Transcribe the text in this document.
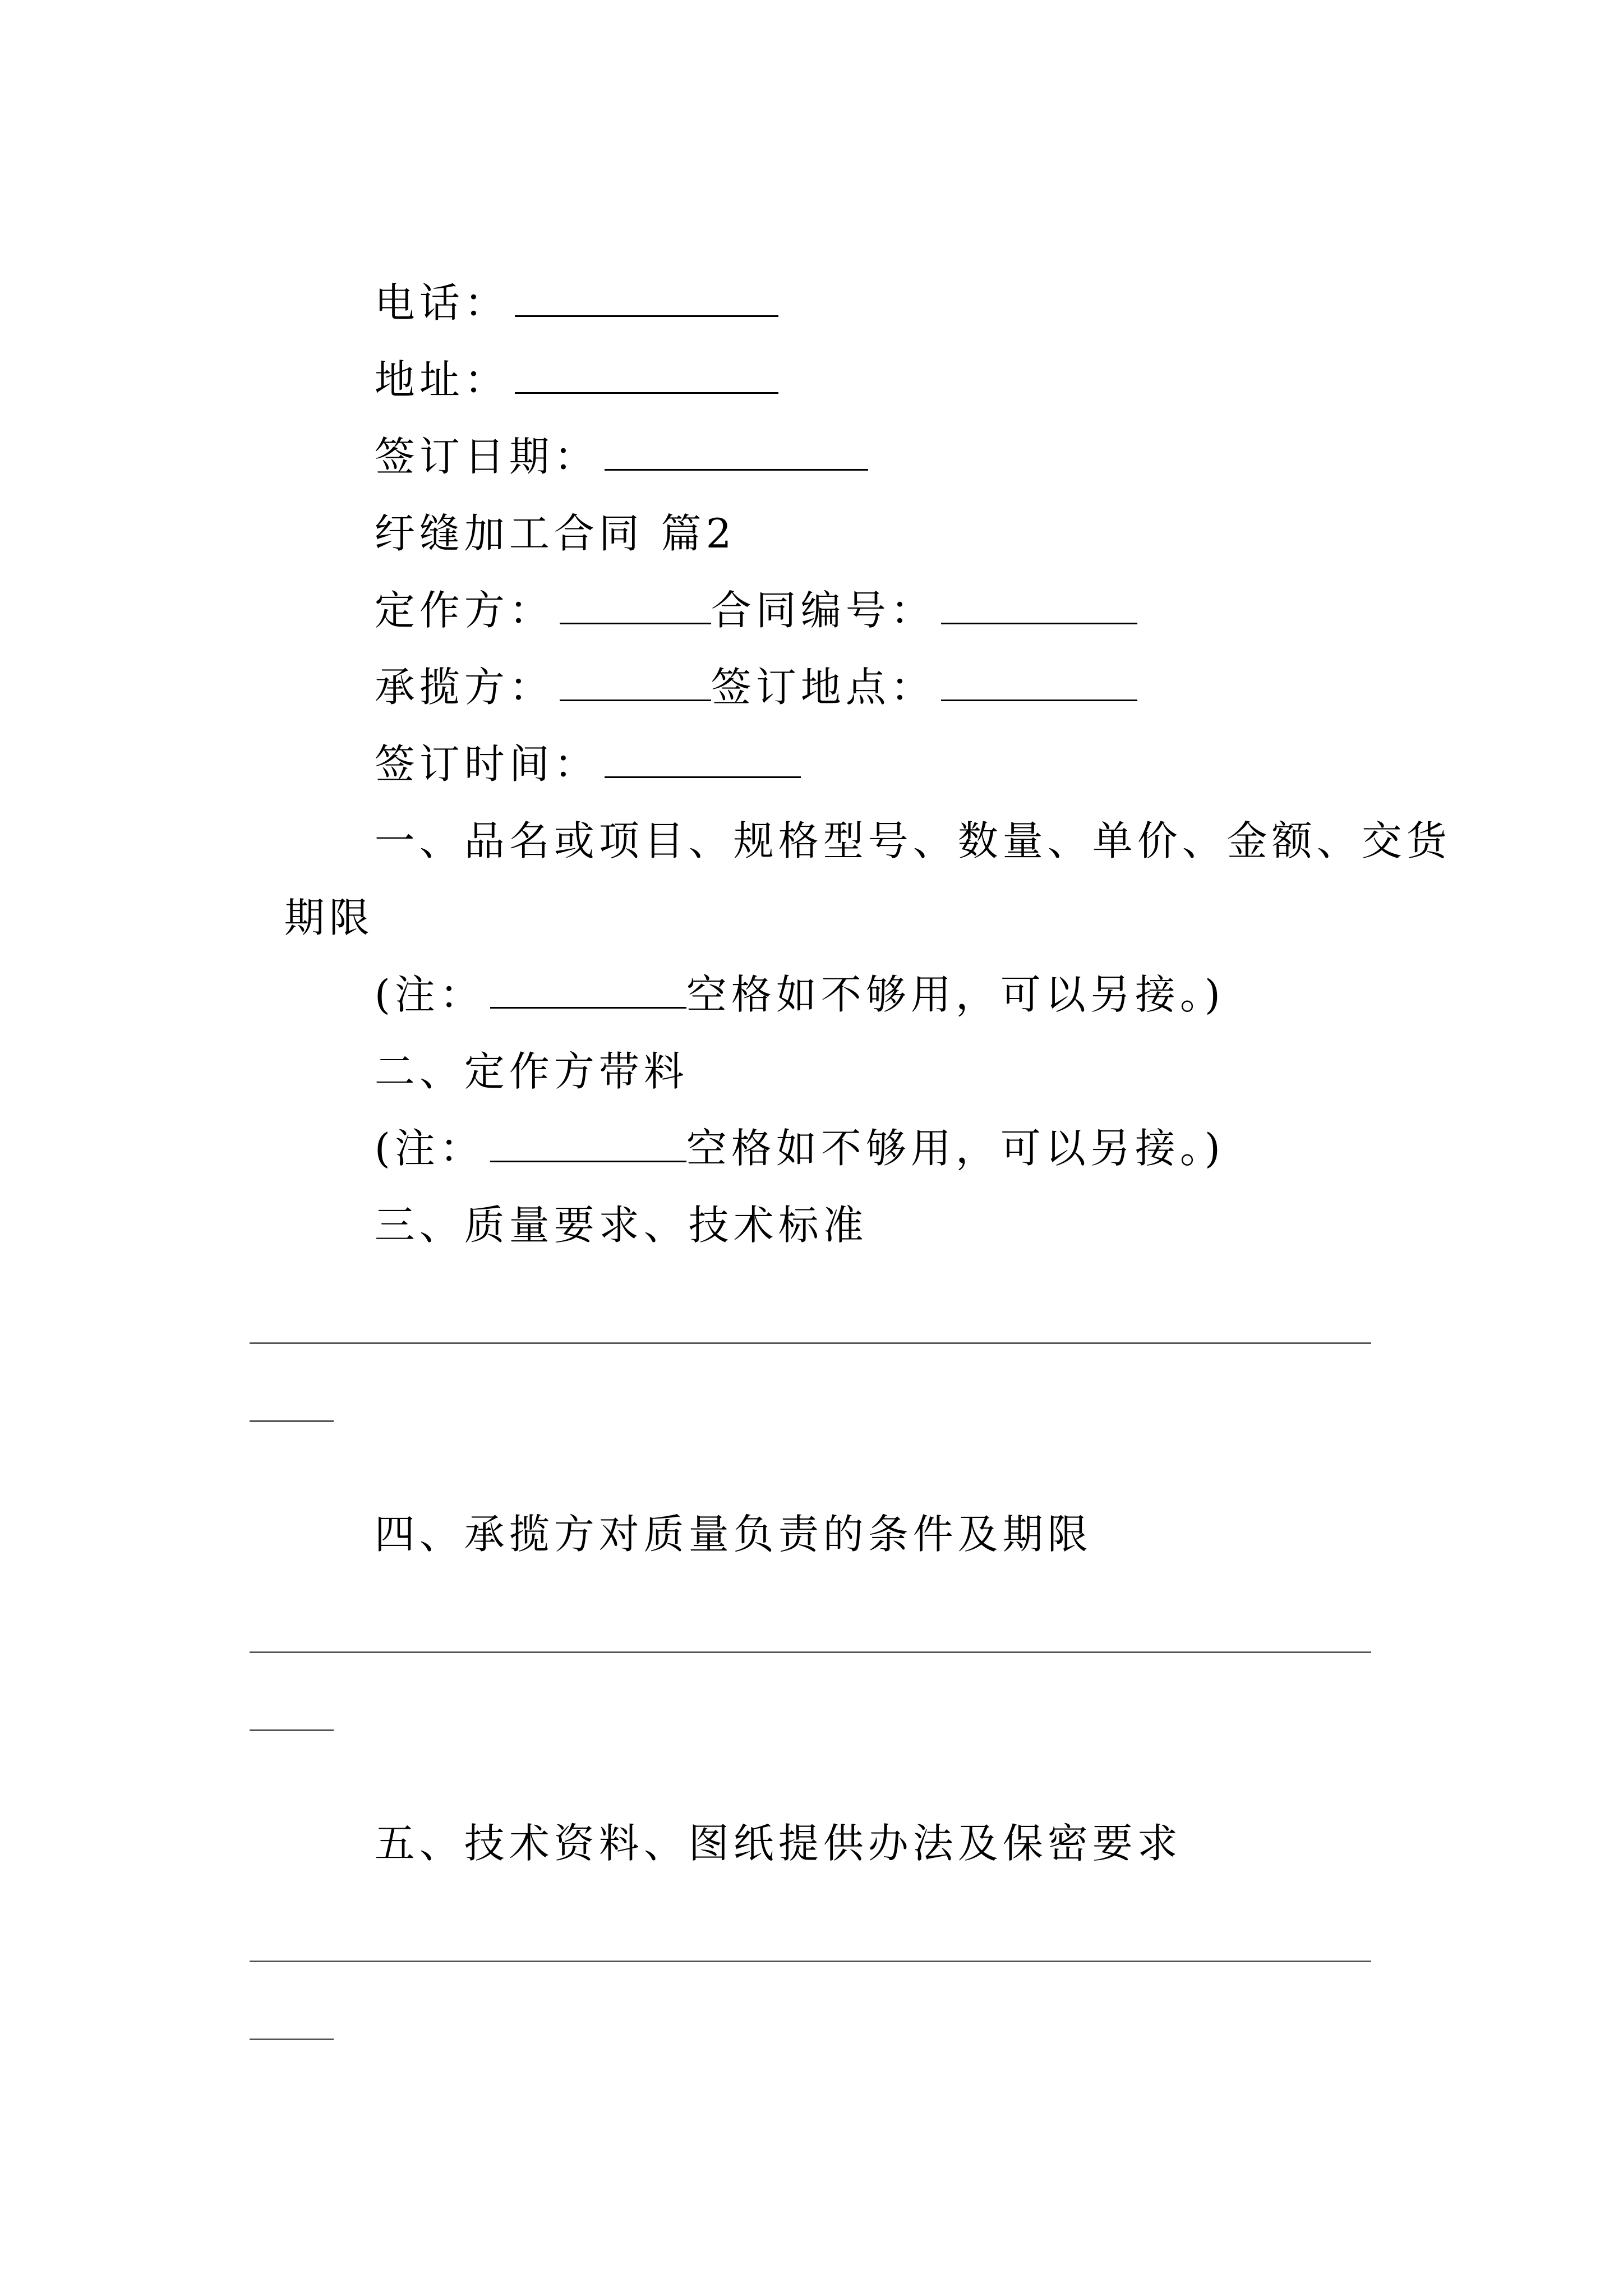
电话：

地址：

签订日期：

纡缝加工合同 篇2

定作方：	合同编号：

承揽方：	签订地点：

签订时间：

一、品名或项目、规格型号、数量、单价、金额、交货

期限

(注：	空格如不够用，可以另接。)

二、定作方带料

(注：	空格如不够用，可以另接。)

三、质量要求、技术标准

四、承揽方对质量负责的条件及期限

五、技术资料、图纸提供办法及保密要求
